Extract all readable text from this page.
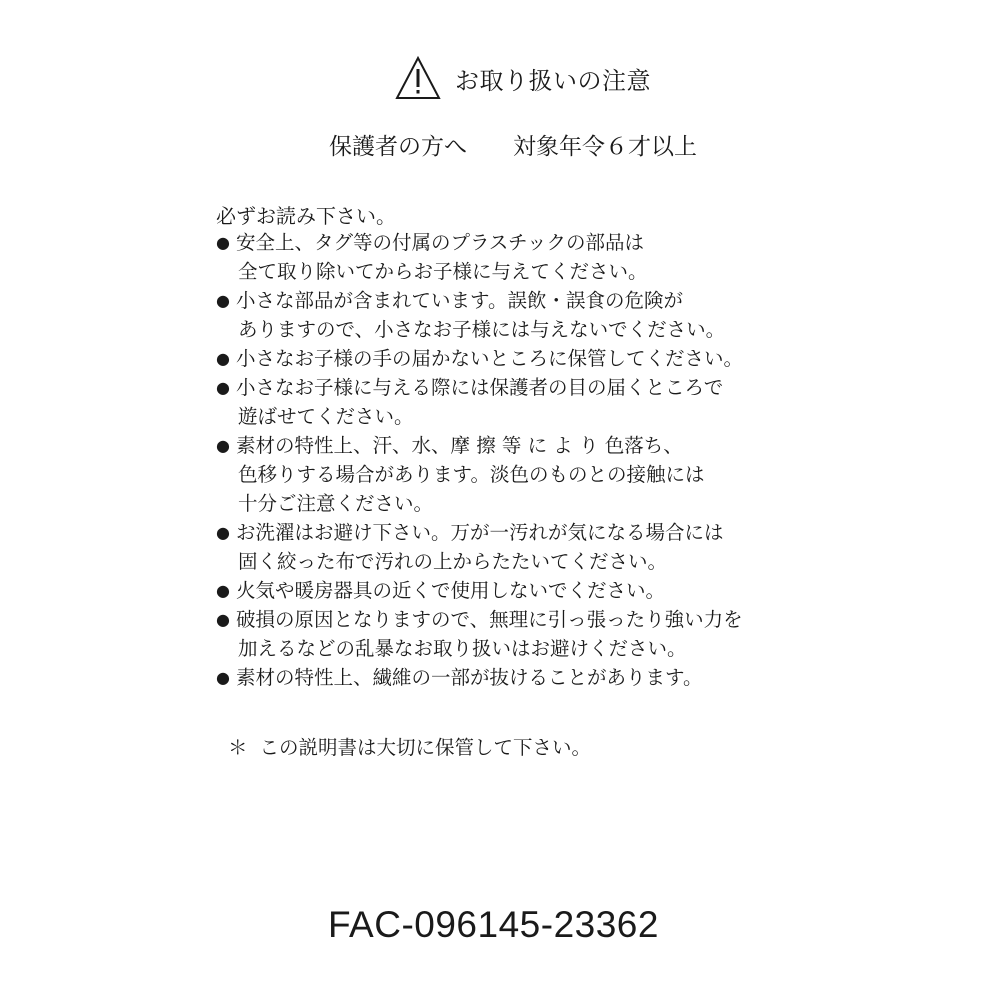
お取り扱いの注意
保護者の方へ 対象年令６才以上
必ずお読み下さい。
● 安全上、タグ等の付属のプラスチックの部品は
全て取り除いてからお子様に与えてください。
● 小さな部品が含まれています。誤飲・誤食の危険が
ありますので、小さなお子様には与えないでください。
● 小さなお子様の手の届かないところに保管してください。
● 小さなお子様に与える際には保護者の目の届くところで
遊ばせてください。
● 素材の特性上、汗、水、摩 擦 等 に よ り 色落ち、
色移りする場合があります。淡色のものとの接触には
十分ご注意ください。
● お洗濯はお避け下さい。万が一汚れが気になる場合には
固く絞った布で汚れの上からたたいてください。
● 火気や暖房器具の近くで使用しないでください。
● 破損の原因となりますので、無理に引っ張ったり強い力を
加えるなどの乱暴なお取り扱いはお避けください。
● 素材の特性上、繊維の一部が抜けることがあります。
＊ この説明書は大切に保管して下さい。
FAC-096145-23362
